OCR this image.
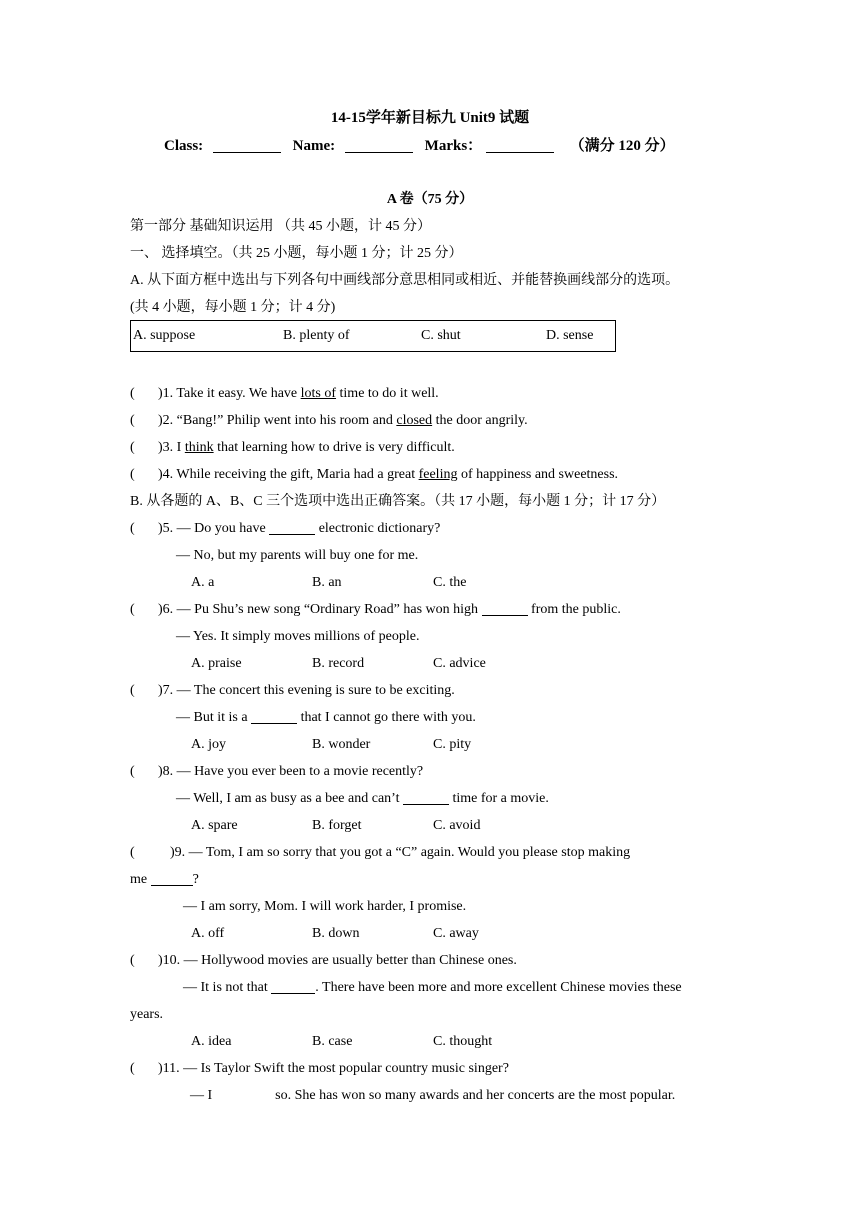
14-15学年新目标九 Unit9 试题
Class:	Name:	Marks：	（满分 120 分）
A 卷（75 分）
第一部分 基础知识运用 （共 45 小题，计 45 分）
一、 选择填空。（共 25 小题，每小题 1 分；计 25 分）
A. 从下面方框中选出与下列各句中画线部分意思相同或相近、并能替换画线部分的选项。
(共 4 小题，每小题 1 分；计 4 分)
A. suppose	B. plenty of	C. shut	D. sense
( )1. Take it easy. We have lots of time to do it well.
( )2. “Bang!” Philip went into his room and closed the door angrily.
( )3. I think that learning how to drive is very difficult.
( )4. While receiving the gift, Maria had a great feeling of happiness and sweetness.
B. 从各题的 A、B、C 三个选项中选出正确答案。（共 17 小题，每小题 1 分；计 17 分）
( )5. — Do you have	electronic dictionary?
— No, but my parents will buy one for me.
A. a	B. an	C. the
( )6. — Pu Shu’s new song “Ordinary Road” has won high	from the public.
— Yes. It simply moves millions of people.
A. praise	B. record	C. advice
( )7. — The concert this evening is sure to be exciting.
— But it is a	that I cannot go there with you.
A. joy	B. wonder	C. pity
( )8. — Have you ever been to a movie recently?
— Well, I am as busy as a bee and can’t	time for a movie.
A. spare	B. forget	C. avoid
(	)9. — Tom, I am so sorry that you got a “C” again. Would you please stop making
me	?
— I am sorry, Mom. I will work harder, I promise.
A. off	B. down	C. away
( )10. — Hollywood movies are usually better than Chinese ones.
— It is not that	. There have been more and more excellent Chinese movies these
years.
A. idea	B. case	C. thought
( )11. — Is Taylor Swift the most popular country music singer?
— I	so. She has won so many awards and her concerts are the most popular.
